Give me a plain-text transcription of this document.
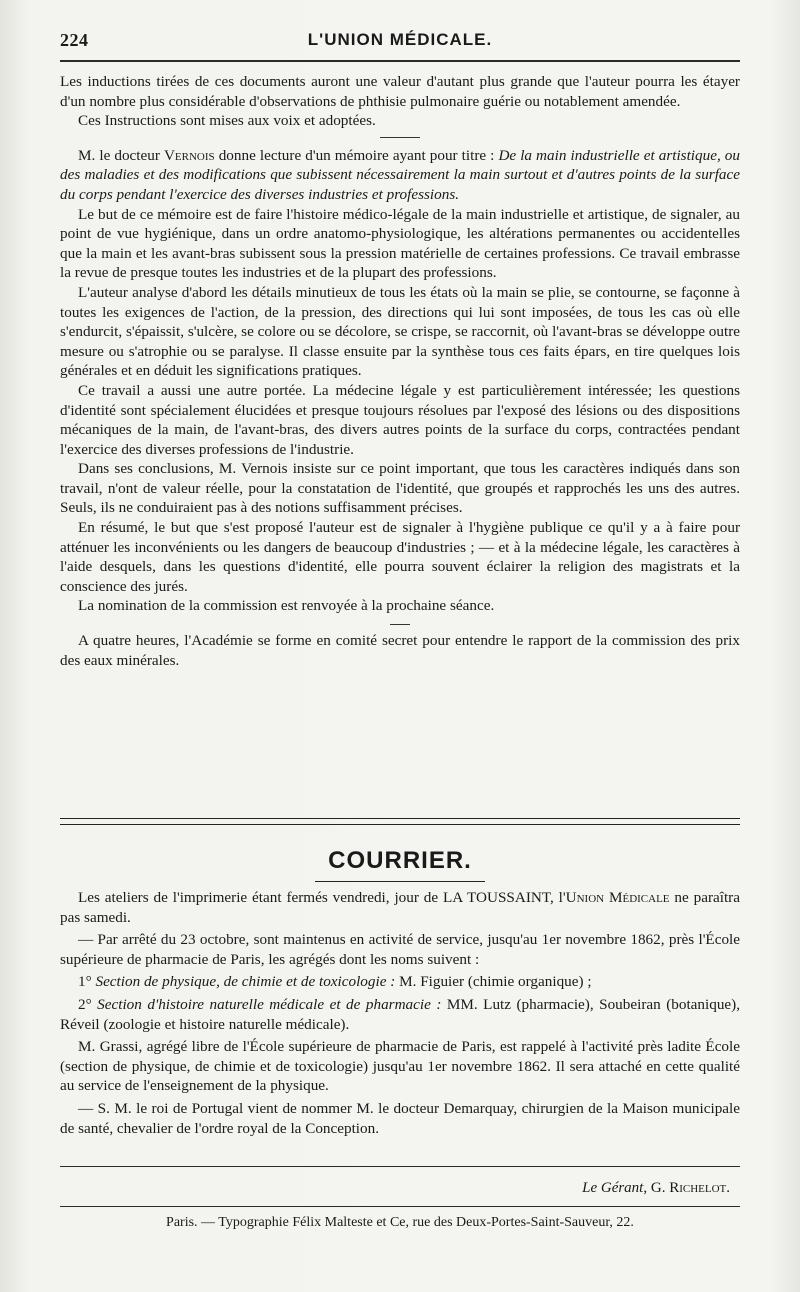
224	L'UNION MÉDICALE.

Les inductions tirées de ces documents auront une valeur d'autant plus grande que l'auteur pourra les étayer d'un nombre plus considérable d'observations de phthisie pulmonaire guérie ou notablement amendée.

Ces Instructions sont mises aux voix et adoptées.

M. le docteur Vernois donne lecture d'un mémoire ayant pour titre : De la main industrielle et artistique, ou des maladies et des modifications que subissent nécessairement la main surtout et d'autres points de la surface du corps pendant l'exercice des diverses industries et professions.

Le but de ce mémoire est de faire l'histoire médico-légale de la main industrielle et artistique, de signaler, au point de vue hygiénique, dans un ordre anatomo-physiologique, les altérations permanentes ou accidentelles que la main et les avant-bras subissent sous la pression matérielle de certaines professions. Ce travail embrasse la revue de presque toutes les industries et de la plupart des professions.

L'auteur analyse d'abord les détails minutieux de tous les états où la main se plie, se contourne, se façonne à toutes les exigences de l'action, de la pression, des directions qui lui sont imposées, de tous les cas où elle s'endurcit, s'épaissit, s'ulcère, se colore ou se décolore, se crispe, se raccornit, où l'avant-bras se développe outre mesure ou s'atrophie ou se paralyse. Il classe ensuite par la synthèse tous ces faits épars, en tire quelques lois générales et en déduit les significations pratiques.

Ce travail a aussi une autre portée. La médecine légale y est particulièrement intéressée; les questions d'identité sont spécialement élucidées et presque toujours résolues par l'exposé des lésions ou des dispositions mécaniques de la main, de l'avant-bras, des divers autres points de la surface du corps, contractées pendant l'exercice des diverses professions de l'industrie.

Dans ses conclusions, M. Vernois insiste sur ce point important, que tous les caractères indiqués dans son travail, n'ont de valeur réelle, pour la constatation de l'identité, que groupés et rapprochés les uns des autres. Seuls, ils ne conduiraient pas à des notions suffisamment précises.

En résumé, le but que s'est proposé l'auteur est de signaler à l'hygiène publique ce qu'il y a à faire pour atténuer les inconvénients ou les dangers de beaucoup d'industries ; — et à la médecine légale, les caractères à l'aide desquels, dans les questions d'identité, elle pourra souvent éclairer la religion des magistrats et la conscience des jurés.

La nomination de la commission est renvoyée à la prochaine séance.

A quatre heures, l'Académie se forme en comité secret pour entendre le rapport de la commission des prix des eaux minérales.

COURRIER.

Les ateliers de l'imprimerie étant fermés vendredi, jour de LA TOUSSAINT, l'Union Médicale ne paraîtra pas samedi.

— Par arrêté du 23 octobre, sont maintenus en activité de service, jusqu'au 1er novembre 1862, près l'École supérieure de pharmacie de Paris, les agrégés dont les noms suivent :

1° Section de physique, de chimie et de toxicologie : M. Figuier (chimie organique) ;

2° Section d'histoire naturelle médicale et de pharmacie : MM. Lutz (pharmacie), Soubeiran (botanique), Réveil (zoologie et histoire naturelle médicale).

M. Grassi, agrégé libre de l'École supérieure de pharmacie de Paris, est rappelé à l'activité près ladite École (section de physique, de chimie et de toxicologie) jusqu'au 1er novembre 1862. Il sera attaché en cette qualité au service de l'enseignement de la physique.

— S. M. le roi de Portugal vient de nommer M. le docteur Demarquay, chirurgien de la Maison municipale de santé, chevalier de l'ordre royal de la Conception.

Le Gérant, G. Richelot.
Paris. — Typographie Félix Malteste et Ce, rue des Deux-Portes-Saint-Sauveur, 22.
